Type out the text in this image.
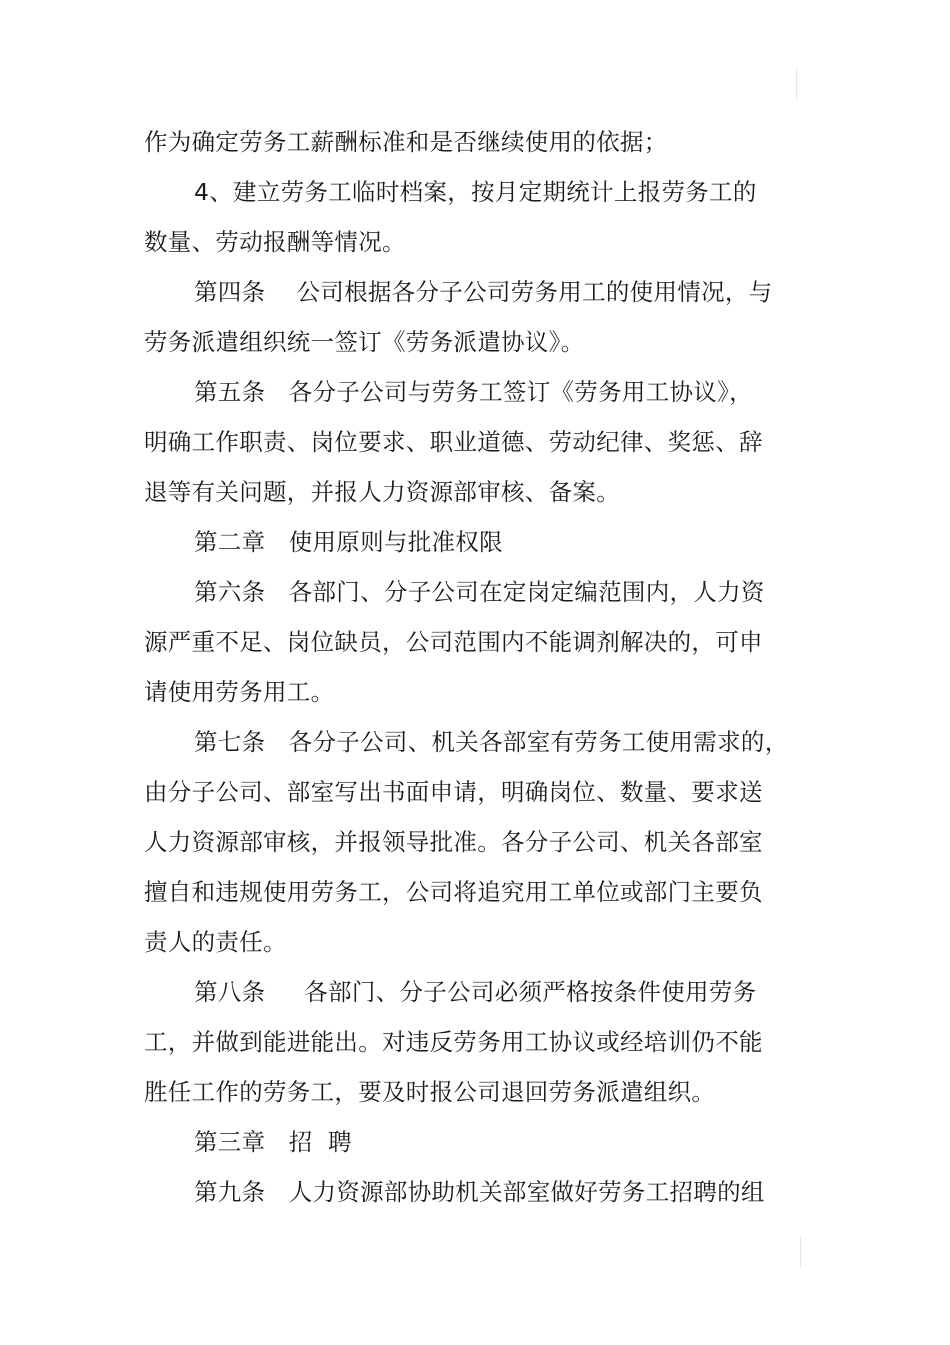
作为确定劳务工薪酬标准和是否继续使用的依据；
4、建立劳务工临时档案，按月定期统计上报劳务工的
数量、劳动报酬等情况。
第四条    公司根据各分子公司劳务用工的使用情况，与
劳务派遣组织统一签订《劳务派遣协议》。
第五条   各分子公司与劳务工签订《劳务用工协议》，
明确工作职责、岗位要求、职业道德、劳动纪律、奖惩、辞
退等有关问题，并报人力资源部审核、备案。
第二章   使用原则与批准权限
第六条   各部门、分子公司在定岗定编范围内，人力资
源严重不足、岗位缺员，公司范围内不能调剂解决的，可申
请使用劳务用工。
第七条   各分子公司、机关各部室有劳务工使用需求的，
由分子公司、部室写出书面申请，明确岗位、数量、要求送
人力资源部审核，并报领导批准。各分子公司、机关各部室
擅自和违规使用劳务工，公司将追究用工单位或部门主要负
责人的责任。
第八条     各部门、分子公司必须严格按条件使用劳务
工，并做到能进能出。对违反劳务用工协议或经培训仍不能
胜任工作的劳务工，要及时报公司退回劳务派遣组织。
第三章   招  聘
第九条   人力资源部协助机关部室做好劳务工招聘的组
